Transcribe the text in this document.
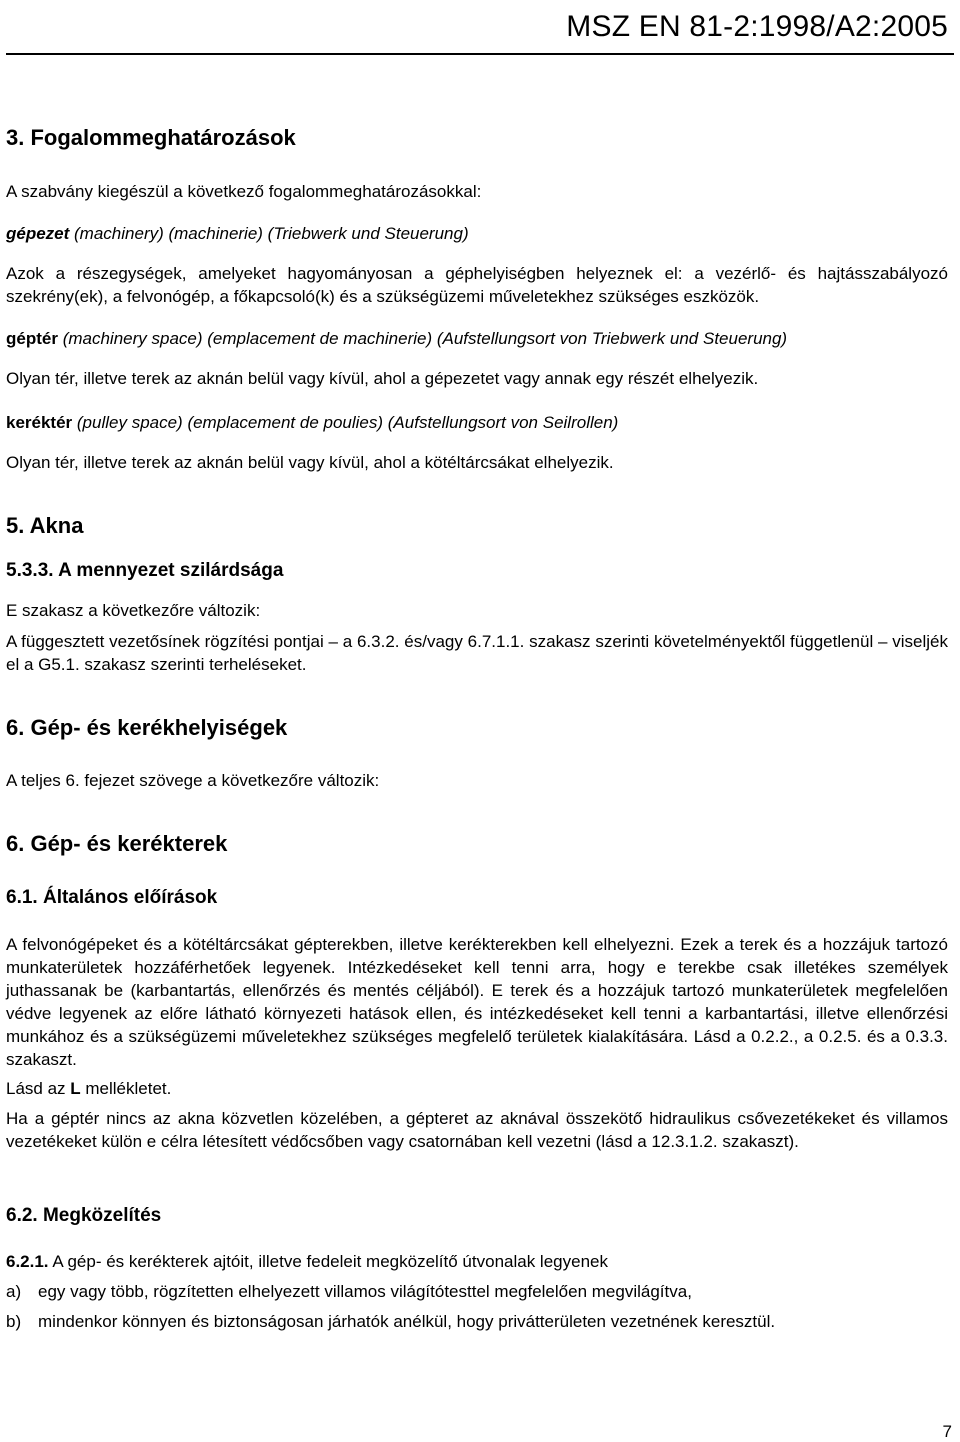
MSZ EN 81-2:1998/A2:2005
3. Fogalommeghatározások
A szabvány kiegészül a következő fogalommeghatározásokkal:
gépezet (machinery) (machinerie) (Triebwerk und Steuerung)
Azok a részegységek, amelyeket hagyományosan a géphelyiségben helyeznek el: a vezérlő- és hajtásszabályozó szekrény(ek), a felvonógép, a főkapcsoló(k) és a szükségüzemi műveletekhez szükséges eszközök.
géptér (machinery space) (emplacement de machinerie) (Aufstellungsort von Triebwerk und Steuerung)
Olyan tér, illetve terek az aknán belül vagy kívül, ahol a gépezetet vagy annak egy részét elhelyezik.
keréktér (pulley space) (emplacement de poulies) (Aufstellungsort von Seilrollen)
Olyan tér, illetve terek az aknán belül vagy kívül, ahol a kötéltárcsákat elhelyezik.
5. Akna
5.3.3. A mennyezet szilárdsága
E szakasz a következőre változik:
A függesztett vezetősínek rögzítési pontjai – a 6.3.2. és/vagy 6.7.1.1. szakasz szerinti követelményektől függetlenül – viseljék el a G5.1. szakasz szerinti terheléseket.
6. Gép- és kerékhelyiségek
A teljes 6. fejezet szövege a következőre változik:
6. Gép- és kerékterek
6.1. Általános előírások
A felvonógépeket és a kötéltárcsákat gépterekben, illetve kerékterekben kell elhelyezni. Ezek a terek és a hozzájuk tartozó munkaterületek hozzáférhetőek legyenek. Intézkedéseket kell tenni arra, hogy e terekbe csak illetékes személyek juthassanak be (karbantartás, ellenőrzés és mentés céljából). E terek és a hozzájuk tartozó munkaterületek megfelelően védve legyenek az előre látható környezeti hatások ellen, és intézkedéseket kell tenni a karbantartási, illetve ellenőrzési munkához és a szükségüzemi műveletekhez szükséges megfelelő területek kialakítására. Lásd a 0.2.2., a 0.2.5. és a 0.3.3. szakaszt.
Lásd az L mellékletet.
Ha a géptér nincs az akna közvetlen közelében, a gépteret az aknával összekötő hidraulikus csővezetékeket és villamos vezetékeket külön e célra létesített védőcsőben vagy csatornában kell vezetni (lásd a 12.3.1.2. szakaszt).
6.2. Megközelítés
6.2.1. A gép- és kerékterek ajtóit, illetve fedeleit megközelítő útvonalak legyenek
a) egy vagy több, rögzítetten elhelyezett villamos világítótesttel megfelelően megvilágítva,
b) mindenkor könnyen és biztonságosan járhatók anélkül, hogy privátterületen vezetnének keresztül.
7
